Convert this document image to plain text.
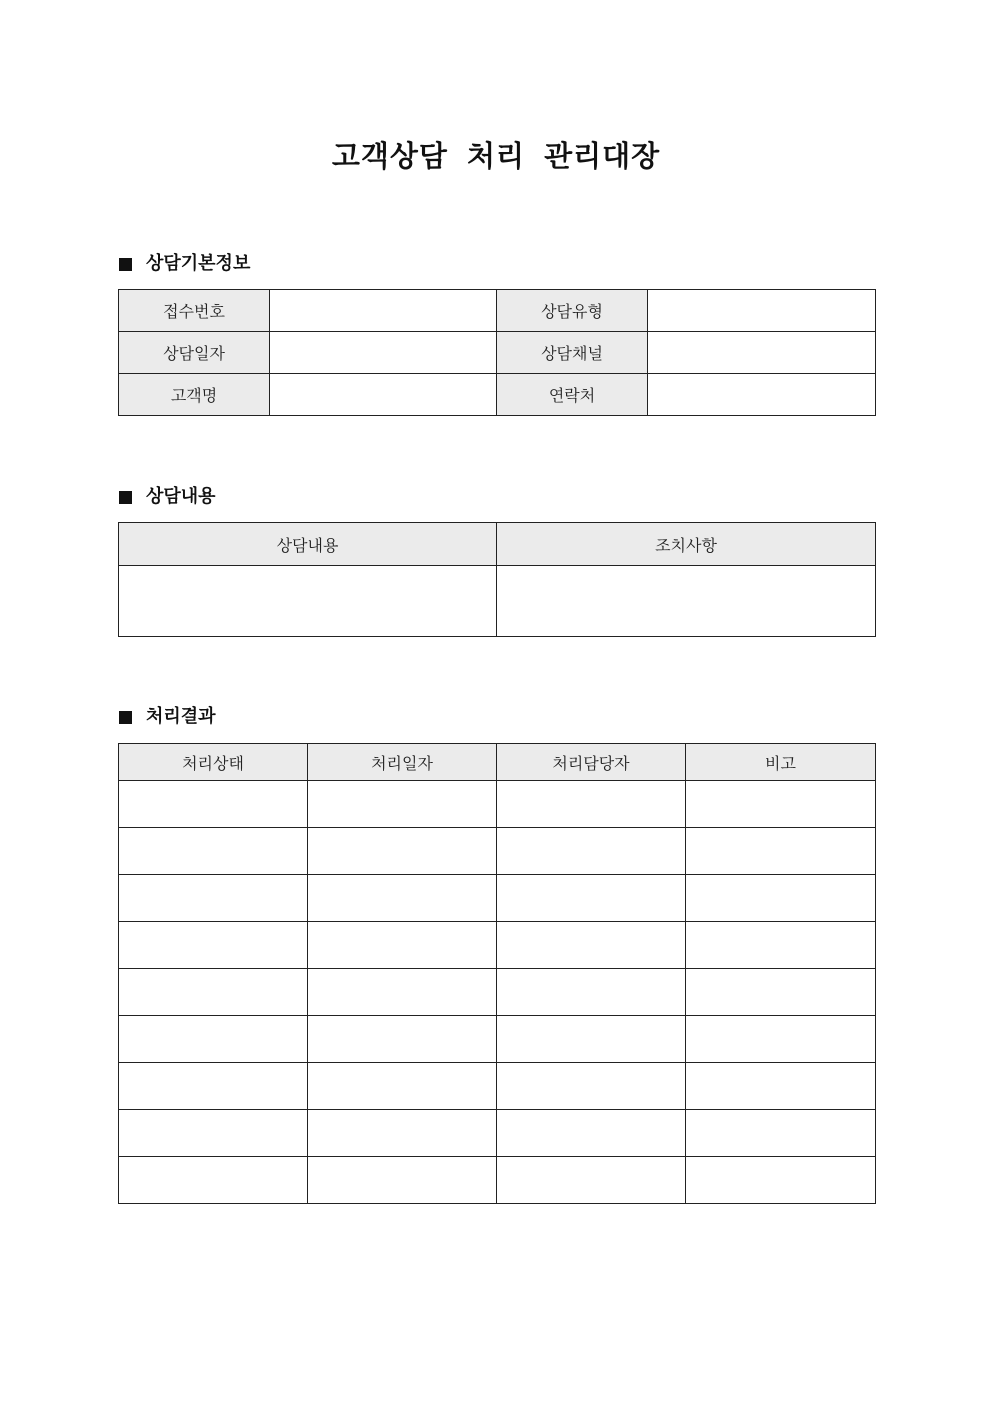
고객상담 처리 관리대장
상담기본정보
접수번호		상담유형	
상담일자		상담채널	
고객명		연락처	
상담내용
상담내용	조치사항

처리결과
처리상태	처리일자	처리담당자	비고
